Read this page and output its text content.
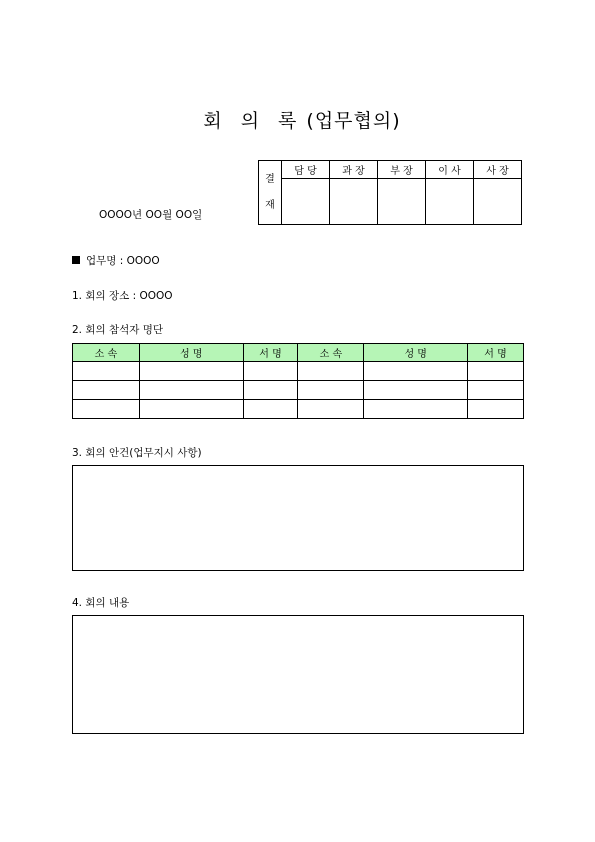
회 의 록 (업무협의)
결
재	담 당	과 장	부 장	이 사	사 장

OOOO년 OO월 OO일
업무명 : OOOO
1. 회의 장소 : OOOO
2. 회의 참석자 명단
소 속	성 명	서 명	소 속	성 명	서 명

3. 회의 안건(업무지시 사항)
4. 회의 내용
